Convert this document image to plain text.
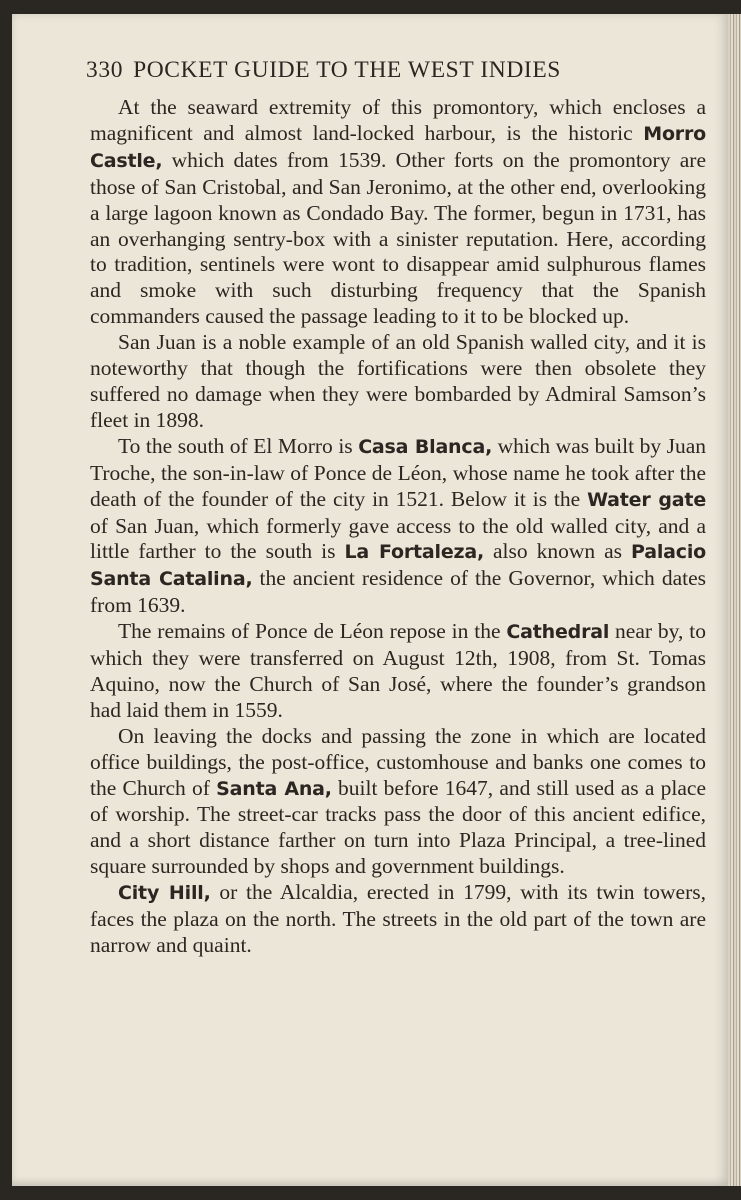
330 POCKET GUIDE TO THE WEST INDIES

At the seaward extremity of this promontory, which encloses a magnificent and almost land-locked harbour, is the historic Morro Castle, which dates from 1539. Other forts on the promontory are those of San Cristobal, and San Jeronimo, at the other end, overlooking a large lagoon known as Condado Bay. The former, begun in 1731, has an overhanging sentry-box with a sinister reputation. Here, according to tradition, sentinels were wont to disappear amid sulphurous flames and smoke with such disturbing frequency that the Spanish commanders caused the passage leading to it to be blocked up.

San Juan is a noble example of an old Spanish walled city, and it is noteworthy that though the fortifications were then obsolete they suffered no damage when they were bombarded by Admiral Samson’s fleet in 1898.

To the south of El Morro is Casa Blanca, which was built by Juan Troche, the son-in-law of Ponce de Léon, whose name he took after the death of the founder of the city in 1521. Below it is the Water gate of San Juan, which formerly gave access to the old walled city, and a little farther to the south is La Fortaleza, also known as Palacio Santa Catalina, the ancient residence of the Governor, which dates from 1639.

The remains of Ponce de Léon repose in the Cathedral near by, to which they were transferred on August 12th, 1908, from St. Tomas Aquino, now the Church of San José, where the founder’s grandson had laid them in 1559.

On leaving the docks and passing the zone in which are located office buildings, the post-office, customhouse and banks one comes to the Church of Santa Ana, built before 1647, and still used as a place of worship. The street-car tracks pass the door of this ancient edifice, and a short distance farther on turn into Plaza Principal, a tree-lined square surrounded by shops and government buildings.

City Hill, or the Alcaldia, erected in 1799, with its twin towers, faces the plaza on the north. The streets in the old part of the town are narrow and quaint.
